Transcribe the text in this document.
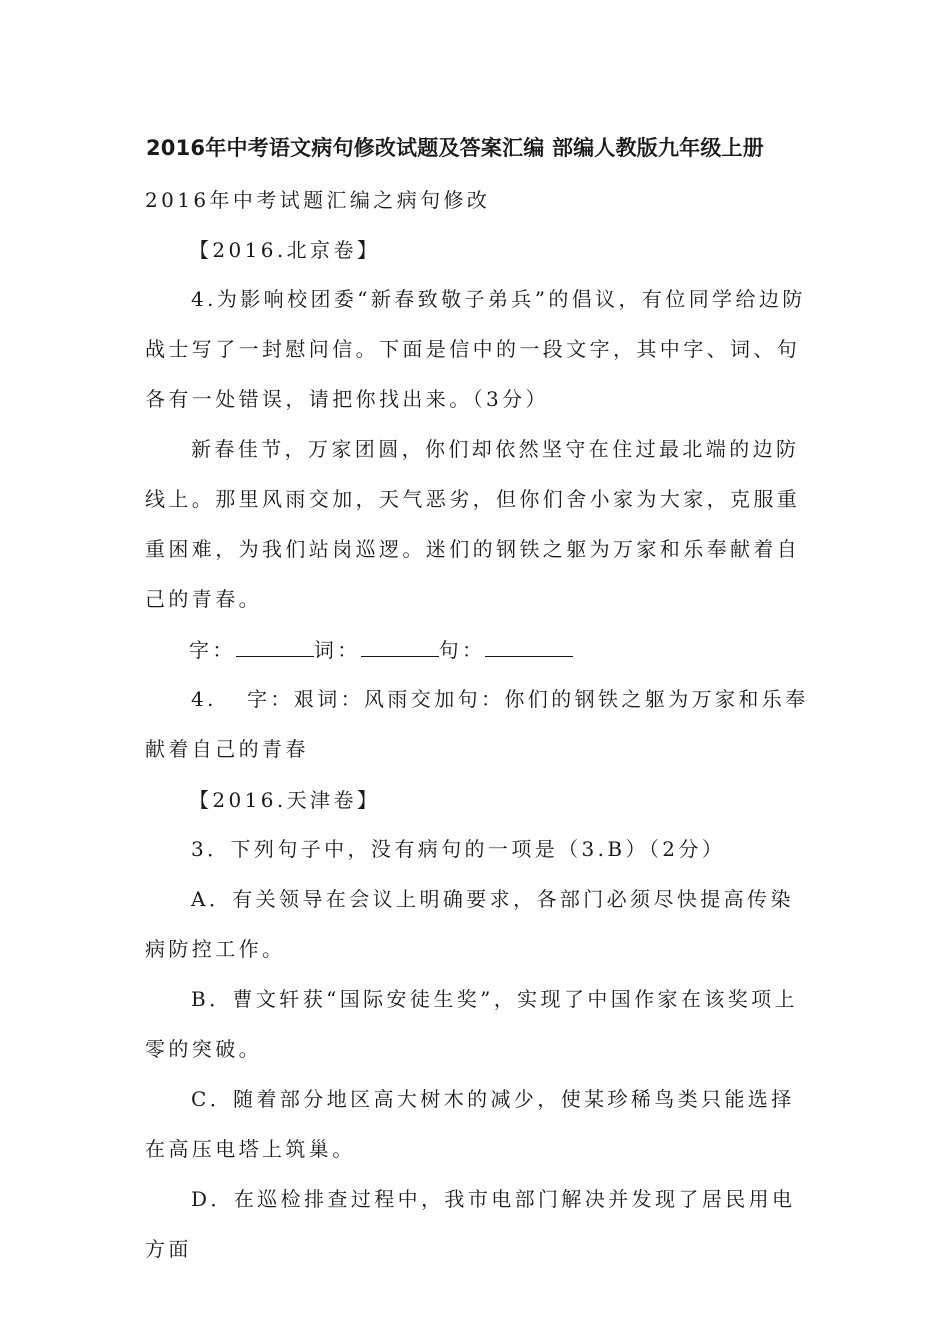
2016年中考语文病句修改试题及答案汇编 部编人教版九年级上册
2016年中考试题汇编之病句修改
【2016.北京卷】
4.为影响校团委“新春致敬子弟兵”的倡议，有位同学给边防战士写了一封慰问信。下面是信中的一段文字，其中字、词、句各有一处错误，请把你找出来。（3分）
新春佳节，万家团圆，你们却依然坚守在住过最北端的边防线上。那里风雨交加，天气恶劣，但你们舍小家为大家，克服重重困难，为我们站岗巡逻。迷们的钢铁之躯为万家和乐奉献着自己的青春。
字：	词：	句：
4. 字：艰词：风雨交加句：你们的钢铁之躯为万家和乐奉献着自己的青春
【2016.天津卷】
3．下列句子中，没有病句的一项是（3.B）（2分）
A．有关领导在会议上明确要求，各部门必须尽快提高传染病防控工作。
B．曹文轩获“国际安徒生奖”，实现了中国作家在该奖项上零的突破。
C．随着部分地区高大树木的减少，使某珍稀鸟类只能选择在高压电塔上筑巢。
D．在巡检排查过程中，我市电部门解决并发现了居民用电方面
